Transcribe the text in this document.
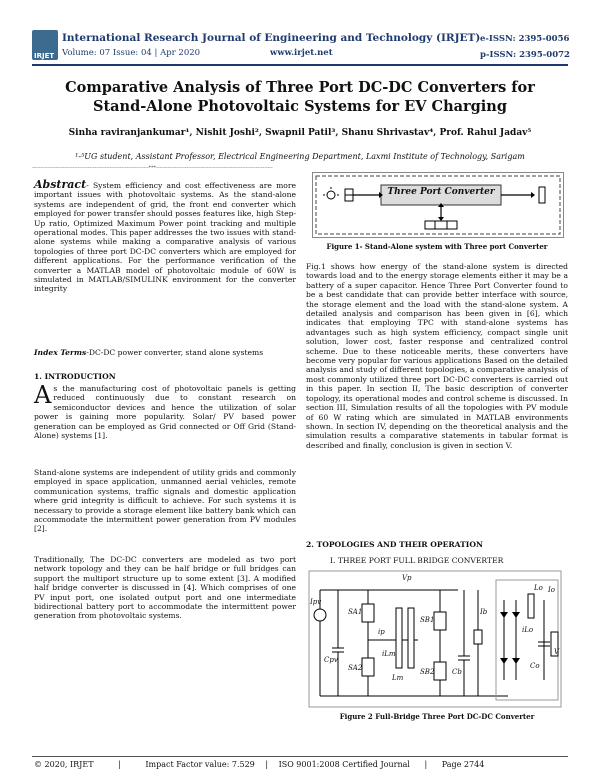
IRJET
International Research Journal of Engineering and Technology (IRJET)
Volume: 07 Issue: 04 | Apr 2020	www.irjet.net
e-ISSN: 2395-0056
p-ISSN: 2395-0072
Comparative Analysis of Three Port DC-DC Converters for Stand-Alone Photovoltaic Systems for EV Charging
Sinha raviranjankumar¹, Nishit Joshi², Swapnil Patil³, Shanu Shrivastav⁴, Prof. Rahul Jadav⁵
¹-⁵UG student, Assistant Professor, Electrical Engineering Department, Laxmi Institute of Technology, Sarigam
---------------------------------------------------------------------***---------------------------------------------------------------------
Abstract- System efficiency and cost effectiveness are more important issues with photovoltaic systems. As the stand-alone systems are independent of grid, the front end converter which employed for power transfer should posses features like, high Step-Up ratio, Optimized Maximum Power point tracking and multiple operational modes. This paper addresses the two issues with stand-alone systems while making a comparative analysis of various topologies of three port DC-DC converters which are employed for different applications. For the performance verification of the converter a MATLAB model of photovoltaic module of 60W is simulated in MATLAB/SIMULINK environment for the converter integrity
Index Terms-DC-DC power converter, stand alone systems
1. INTRODUCTION
As the manufacturing cost of photovoltaic panels is getting reduced continuously due to constant research on semiconductor devices and hence the utilization of solar power is gaining more popularity. Solar/ PV based power generation can be employed as Grid connected or Off Grid (Stand-Alone) systems [1].
Stand-alone systems are independent of utility grids and commonly employed in space application, unmanned aerial vehicles, remote communication systems, traffic signals and domestic application where grid integrity is difficult to achieve. For such systems it is necessary to provide a storage element like battery bank which can accommodate the intermittent power generation from PV modules [2].
Traditionally, The DC-DC converters are modeled as two port network topology and they can be half bridge or full bridges can support the multiport structure up to some extent [3]. A modified half bridge converter is discussed in [4]. Which comprises of one PV input port, one isolated output port and one intermediate bidirectional battery port to accommodate the intermittent power generation from photovoltaic systems.
Three Port Converter
Figure 1- Stand-Alone system with Three port Converter
Fig.1 shows how energy of the stand-alone system is directed towards load and to the energy storage elements either it may be a battery of a super capacitor. Hence Three Port Converter found to be a best candidate that can provide better interface with source, the storage element and the load with the stand-alone system. A detailed analysis and comparison has been given in [6], which indicates that employing TPC with stand-alone systems has advantages such as high system efficiency, compact single unit solution, lower cost, faster response and centralized control scheme. Due to these noticeable merits, these converters have become very popular for various applications Based on the detailed analysis and study of different topologies, a comparative analysis of most commonly utilized three port DC-DC converters is carried out in this paper. In section II, The basic description of converter topology, its operational modes and control scheme is discussed. In section III, Simulation results of all the topologies with PV module of 60 W rating which are simulated in MATLAB environments shown. In section IV, depending on the theoretical analysis and the simulation results a comparative statements in tabular format is described and finally, conclusion is given in section V.
2. TOPOLOGIES AND THEIR OPERATION
I. THREE PORT FULL BRIDGE CONVERTER
Ipv
Vp
SA1
SA2
Cpv
ip
iLm
Lm
SB1
SB2	Cb
Ib
Lo
iLo
Co
Io
V
Figure 2 Full-Bridge Three Port DC-DC Converter
© 2020, IRJET	|	Impact Factor value: 7.529 | ISO 9001:2008 Certified Journal | Page 2744
